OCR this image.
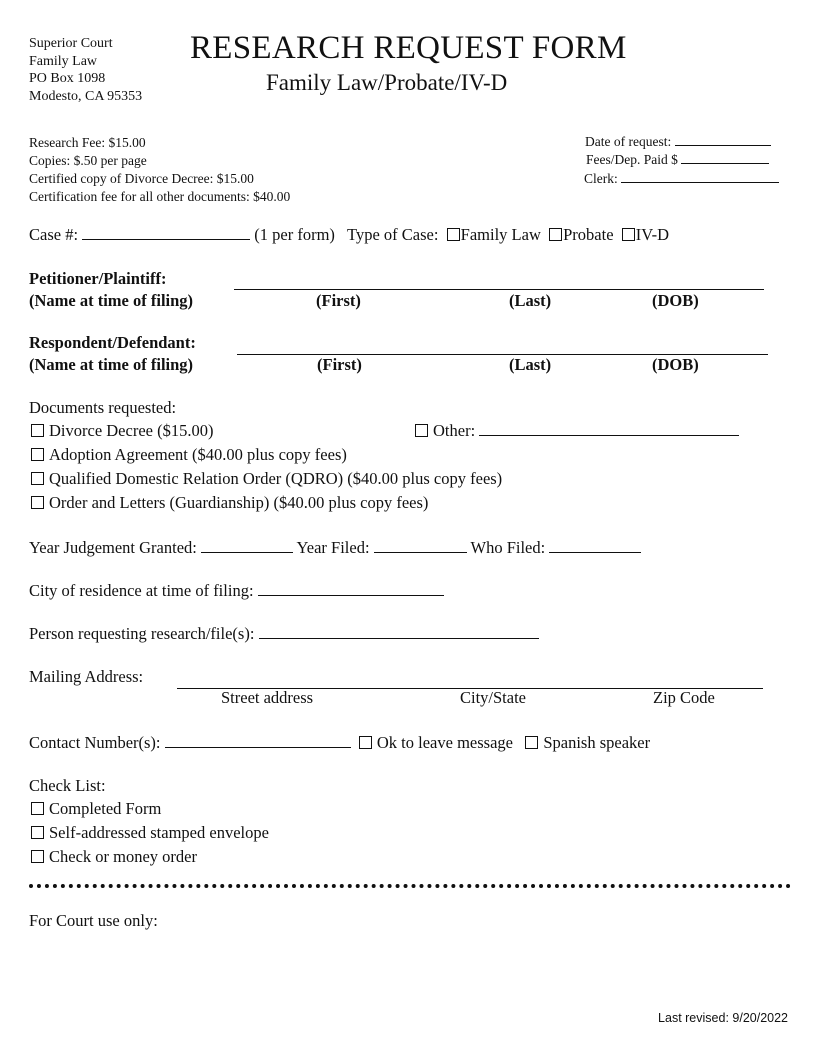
Superior Court
Family Law
PO Box 1098
Modesto, CA 95353
RESEARCH REQUEST FORM
Family Law/Probate/IV-D
Research Fee: $15.00
Copies: $.50 per page
Certified copy of Divorce Decree: $15.00
Certification fee for all other documents: $40.00
Date of request:
Fees/Dep. Paid $
Clerk:
Case #:	(1 per form) Type of Case: Family Law Probate IV-D
Petitioner/Plaintiff:
(Name at time of filing)	(First)	(Last)	(DOB)
Respondent/Defendant:
(Name at time of filing)	(First)	(Last)	(DOB)
Documents requested:
Divorce Decree ($15.00)	Other:
Adoption Agreement ($40.00 plus copy fees)
Qualified Domestic Relation Order (QDRO) ($40.00 plus copy fees)
Order and Letters (Guardianship) ($40.00 plus copy fees)
Year Judgement Granted:	Year Filed:	Who Filed:
City of residence at time of filing:
Person requesting research/file(s):
Mailing Address:
Street address	City/State	Zip Code
Contact Number(s):	Ok to leave message Spanish speaker
Check List:
Completed Form
Self-addressed stamped envelope
Check or money order
For Court use only:
Last revised: 9/20/2022
